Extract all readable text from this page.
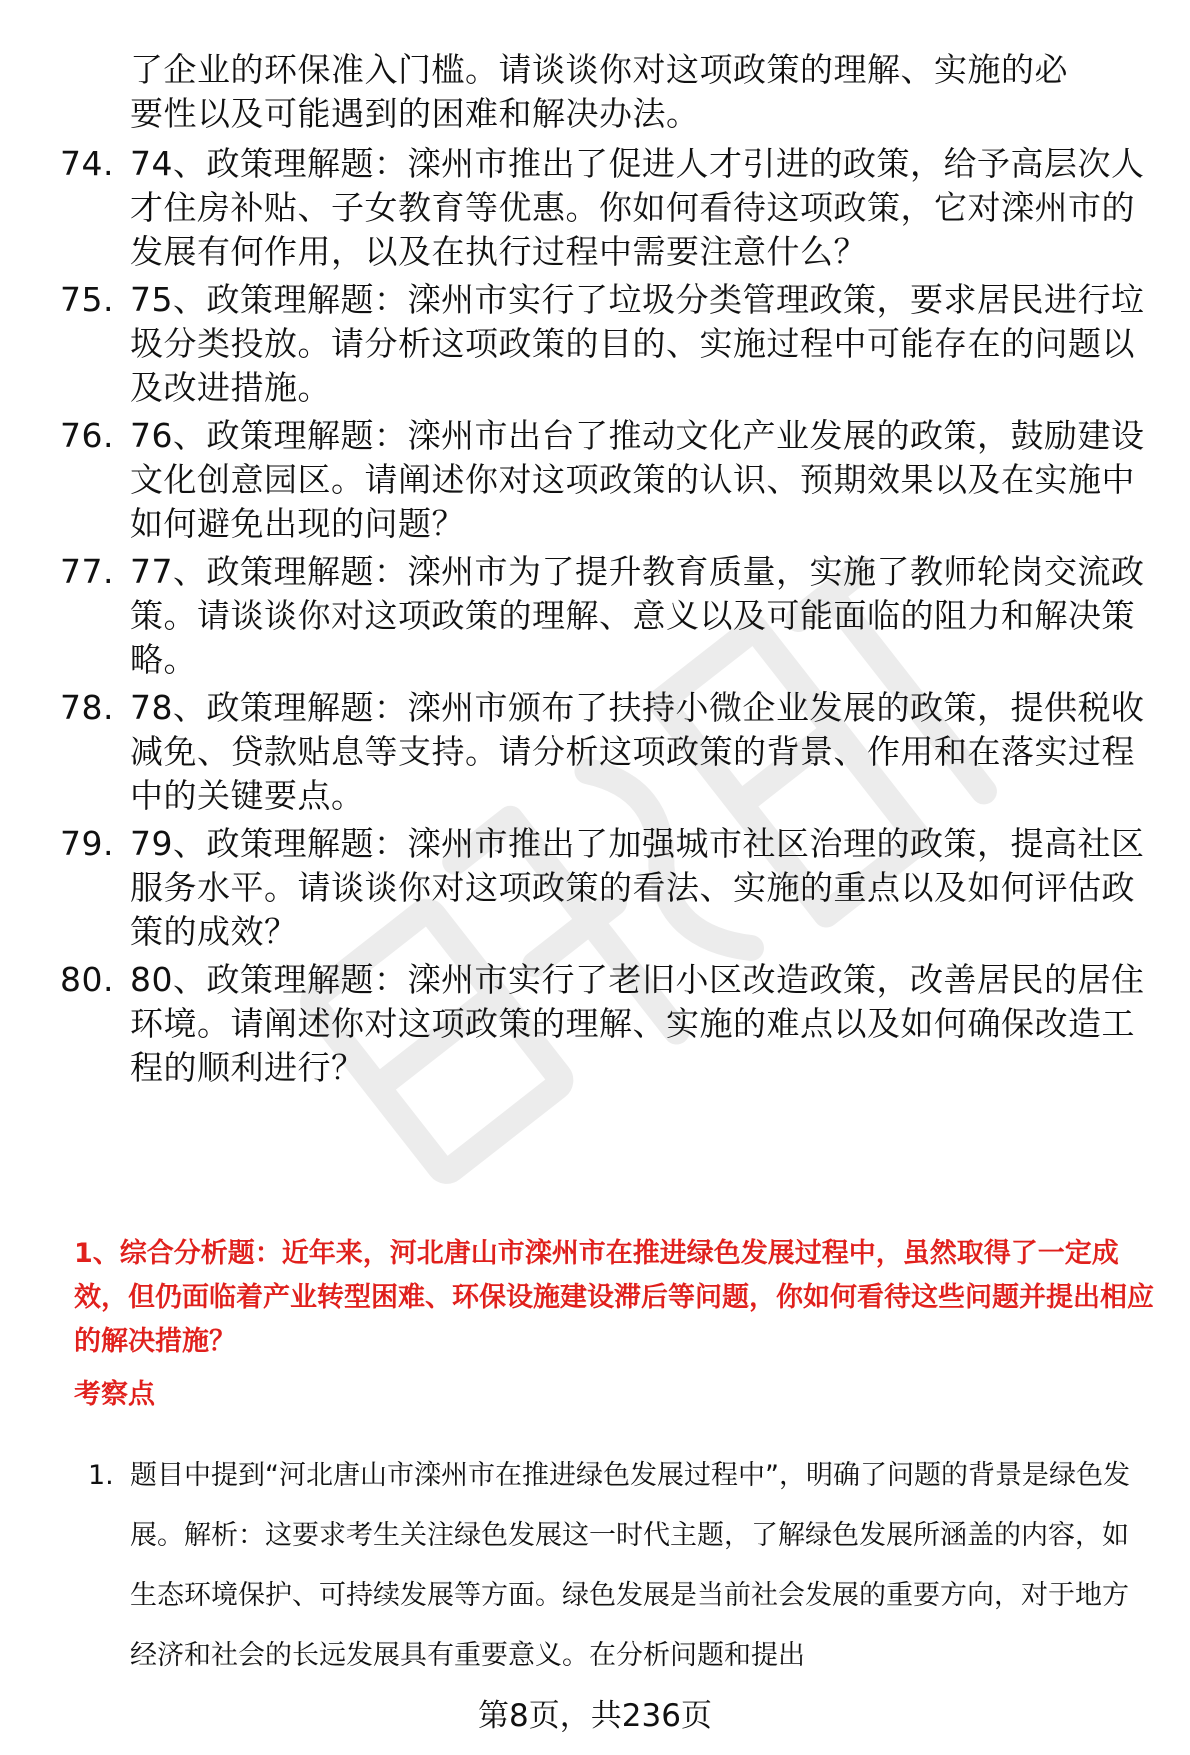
了企业的环保准入门槛。请谈谈你对这项政策的理解、实施的必
要性以及可能遇到的困难和解决办法。
74. 74、政策理解题：滦州市推出了促进人才引进的政策，给予高层次人才住房补贴、子女教育等优惠。你如何看待这项政策，它对滦州市的发展有何作用，以及在执行过程中需要注意什么？
75. 75、政策理解题：滦州市实行了垃圾分类管理政策，要求居民进行垃圾分类投放。请分析这项政策的目的、实施过程中可能存在的问题以及改进措施。
76. 76、政策理解题：滦州市出台了推动文化产业发展的政策，鼓励建设文化创意园区。请阐述你对这项政策的认识、预期效果以及在实施中如何避免出现的问题？
77. 77、政策理解题：滦州市为了提升教育质量，实施了教师轮岗交流政策。请谈谈你对这项政策的理解、意义以及可能面临的阻力和解决策略。
78. 78、政策理解题：滦州市颁布了扶持小微企业发展的政策，提供税收减免、贷款贴息等支持。请分析这项政策的背景、作用和在落实过程中的关键要点。
79. 79、政策理解题：滦州市推出了加强城市社区治理的政策，提高社区服务水平。请谈谈你对这项政策的看法、实施的重点以及如何评估政策的成效？
80. 80、政策理解题：滦州市实行了老旧小区改造政策，改善居民的居住环境。请阐述你对这项政策的理解、实施的难点以及如何确保改造工程的顺利进行？
1、综合分析题：近年来，河北唐山市滦州市在推进绿色发展过程中，虽然取得了一定成效，但仍面临着产业转型困难、环保设施建设滞后等问题，你如何看待这些问题并提出相应的解决措施？
考察点
1. 题目中提到“河北唐山市滦州市在推进绿色发展过程中”，明确了问题的背景是绿色发展。解析：这要求考生关注绿色发展这一时代主题，了解绿色发展所涵盖的内容，如生态环境保护、可持续发展等方面。绿色发展是当前社会发展的重要方向，对于地方经济和社会的长远发展具有重要意义。在分析问题和提出
第8页，共236页
